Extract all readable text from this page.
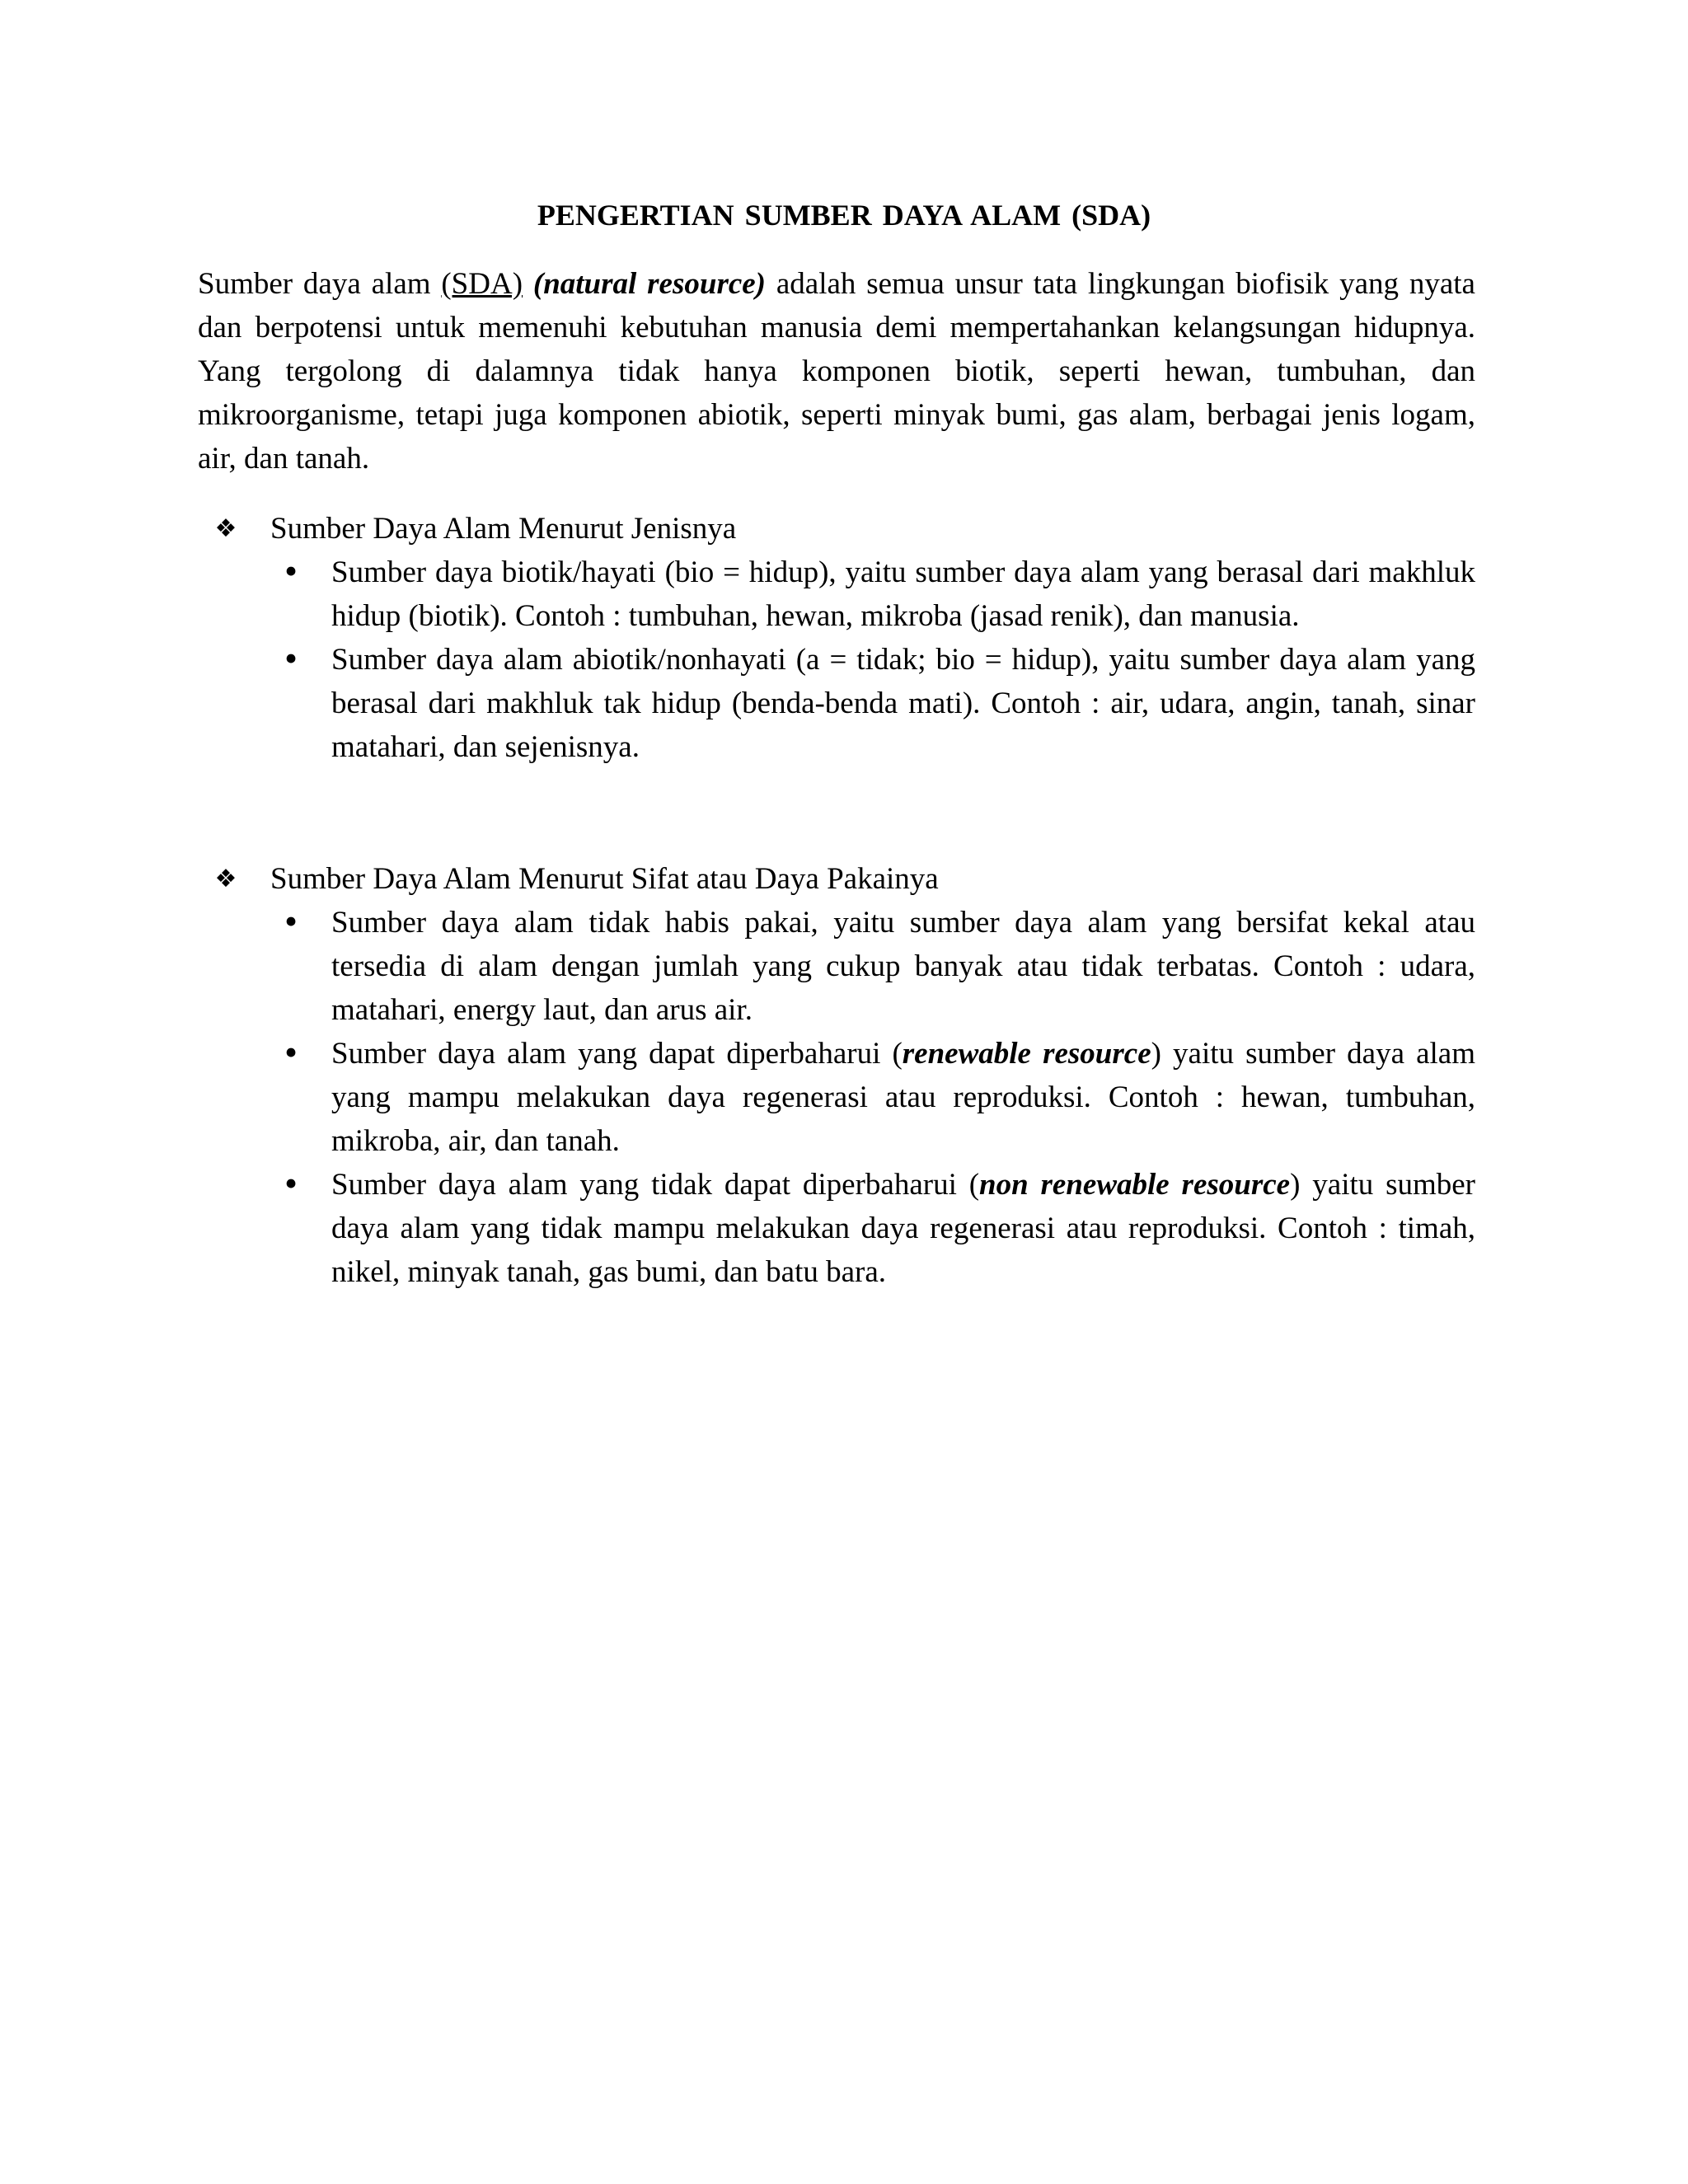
PENGERTIAN SUMBER DAYA ALAM (SDA)

Sumber daya alam (SDA) (natural resource) adalah semua unsur tata lingkungan biofisik yang nyata dan berpotensi untuk memenuhi kebutuhan manusia demi mempertahankan kelangsungan hidupnya. Yang tergolong di dalamnya tidak hanya komponen biotik, seperti hewan, tumbuhan, dan mikroorganisme, tetapi juga komponen abiotik, seperti minyak bumi, gas alam, berbagai jenis logam, air, dan tanah.

❖ Sumber Daya Alam Menurut Jenisnya
• Sumber daya biotik/hayati (bio = hidup), yaitu sumber daya alam yang berasal dari makhluk hidup (biotik). Contoh : tumbuhan, hewan, mikroba (jasad renik), dan manusia.
• Sumber daya alam abiotik/nonhayati (a = tidak; bio = hidup), yaitu sumber daya alam yang berasal dari makhluk tak hidup (benda-benda mati). Contoh : air, udara, angin, tanah, sinar matahari, dan sejenisnya.
❖ Sumber Daya Alam Menurut Sifat atau Daya Pakainya
• Sumber daya alam tidak habis pakai, yaitu sumber daya alam yang bersifat kekal atau tersedia di alam dengan jumlah yang cukup banyak atau tidak terbatas. Contoh : udara, matahari, energy laut, dan arus air.
• Sumber daya alam yang dapat diperbaharui (renewable resource) yaitu sumber daya alam yang mampu melakukan daya regenerasi atau reproduksi. Contoh : hewan, tumbuhan, mikroba, air, dan tanah.
• Sumber daya alam yang tidak dapat diperbaharui (non renewable resource) yaitu sumber daya alam yang tidak mampu melakukan daya regenerasi atau reproduksi. Contoh : timah, nikel, minyak tanah, gas bumi, dan batu bara.
